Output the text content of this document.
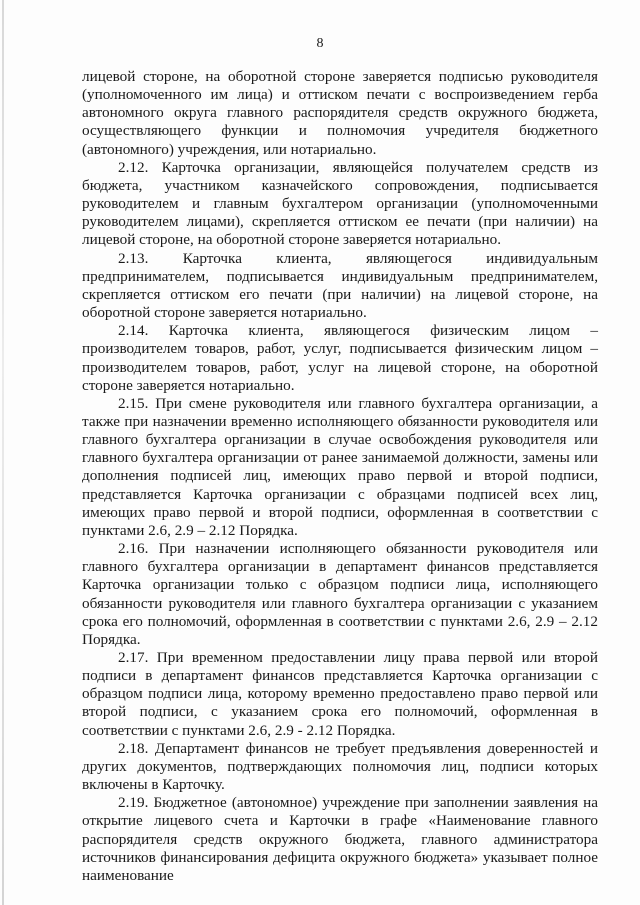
8

лицевой стороне, на оборотной стороне заверяется подписью руководителя (уполномоченного им лица) и оттиском печати с воспроизведением герба автономного округа главного распорядителя средств окружного бюджета, осуществляющего функции и полномочия учредителя бюджетного (автономного) учреждения, или нотариально.

2.12. Карточка организации, являющейся получателем средств из бюджета, участником казначейского сопровождения, подписывается руководителем и главным бухгалтером организации (уполномоченными руководителем лицами), скрепляется оттиском ее печати (при наличии) на лицевой стороне, на оборотной стороне заверяется нотариально.

2.13. Карточка клиента, являющегося индивидуальным предпринимателем, подписывается индивидуальным предпринимателем, скрепляется оттиском его печати (при наличии) на лицевой стороне, на оборотной стороне заверяется нотариально.

2.14. Карточка клиента, являющегося физическим лицом – производителем товаров, работ, услуг, подписывается физическим лицом – производителем товаров, работ, услуг на лицевой стороне, на оборотной стороне заверяется нотариально.

2.15. При смене руководителя или главного бухгалтера организации, а также при назначении временно исполняющего обязанности руководителя или главного бухгалтера организации в случае освобождения руководителя или главного бухгалтера организации от ранее занимаемой должности, замены или дополнения подписей лиц, имеющих право первой и второй подписи, представляется Карточка организации с образцами подписей всех лиц, имеющих право первой и второй подписи, оформленная в соответствии с пунктами 2.6, 2.9 – 2.12 Порядка.

2.16. При назначении исполняющего обязанности руководителя или главного бухгалтера организации в департамент финансов представляется Карточка организации только с образцом подписи лица, исполняющего обязанности руководителя или главного бухгалтера организации с указанием срока его полномочий, оформленная в соответствии с пунктами 2.6, 2.9 – 2.12 Порядка.

2.17. При временном предоставлении лицу права первой или второй подписи в департамент финансов представляется Карточка организации с образцом подписи лица, которому временно предоставлено право первой или второй подписи, с указанием срока его полномочий, оформленная в соответствии с пунктами 2.6, 2.9 - 2.12 Порядка.

2.18. Департамент финансов не требует предъявления доверенностей и других документов, подтверждающих полномочия лиц, подписи которых включены в Карточку.

2.19. Бюджетное (автономное) учреждение при заполнении заявления на открытие лицевого счета и Карточки в графе «Наименование главного распорядителя средств окружного бюджета, главного администратора источников финансирования дефицита окружного бюджета» указывает полное наименование
